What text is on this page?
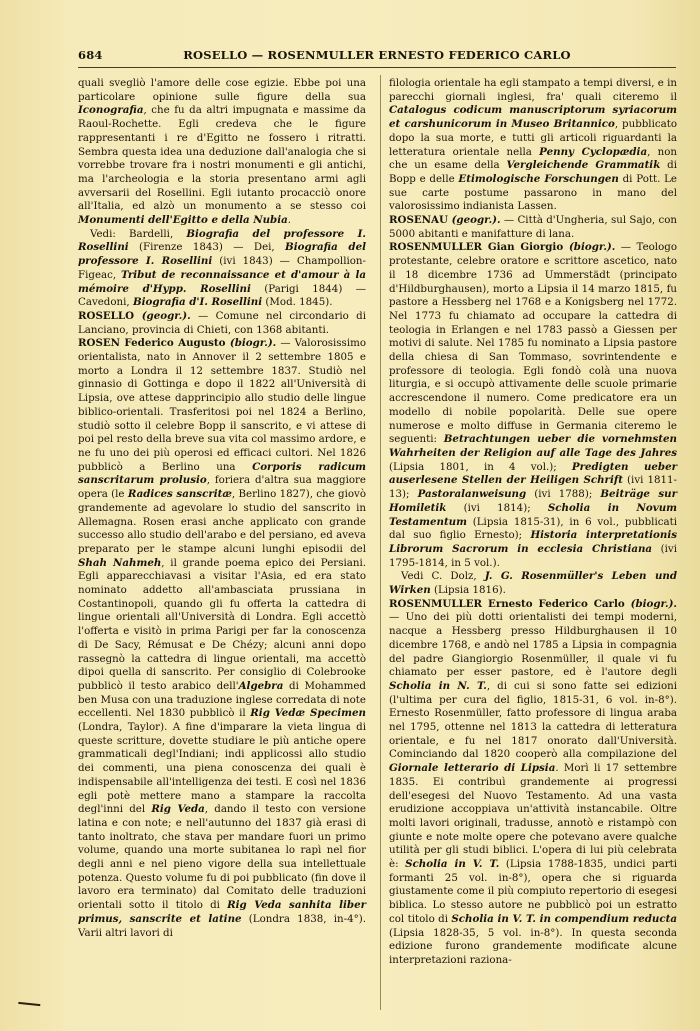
684	ROSELLO — ROSENMULLER ERNESTO FEDERICO CARLO

quali svegliò l'amore delle cose egizie. Ebbe poi una particolare opinione sulle figure della sua Iconografia, che fu da altri impugnata e massime da Raoul-Rochette. Egli credeva che le figure rappresentanti i re d'Egitto ne fossero i ritratti. Sembra questa idea una deduzione dall'analogia che si vorrebbe trovare fra i nostri monumenti e gli antichi, ma l'archeologia e la storia presentano armi agli avversarii del Rosellini. Egli iutanto procacciò onore all'Italia, ed alzò un monumento a se stesso coi Monumenti dell'Egitto e della Nubia.

Vedi: Bardelli, Biografia del professore I. Rosellini (Firenze 1843) — Dei, Biografia del professore I. Rosellini (ivi 1843) — Champollion-Figeac, Tribut de reconnaissance et d'amour à la mémoire d'Hypp. Rosellini (Parigi 1844) — Cavedoni, Biografia d'I. Rosellini (Mod. 1845).

ROSELLO (geogr.). — Comune nel circondario di Lanciano, provincia di Chieti, con 1368 abitanti.

ROSEN Federico Augusto (biogr.). — Valorosissimo orientalista, nato in Annover il 2 settembre 1805 e morto a Londra il 12 settembre 1837. Studiò nel ginnasio di Gottinga e dopo il 1822 all'Università di Lipsia, ove attese dapprincipio allo studio delle lingue biblico-orientali. Trasferitosi poi nel 1824 a Berlino, studiò sotto il celebre Bopp il sanscrito, e vi attese di poi pel resto della breve sua vita col massimo ardore, e ne fu uno dei più operosi ed efficaci cultori. Nel 1826 pubblicò a Berlino una Corporis radicum sanscritarum prolusio, foriera d'altra sua maggiore opera (le Radices sanscritæ, Berlino 1827), che giovò grandemente ad agevolare lo studio del sanscrito in Allemagna. Rosen erasi anche applicato con grande successo allo studio dell'arabo e del persiano, ed aveva preparato per le stampe alcuni lunghi episodii del Shah Nahmeh, il grande poema epico dei Persiani. Egli apparecchiavasi a visitar l'Asia, ed era stato nominato addetto all'ambasciata prussiana in Costantinopoli, quando gli fu offerta la cattedra di lingue orientali all'Università di Londra. Egli accettò l'offerta e visitò in prima Parigi per far la conoscenza di De Sacy, Rémusat e De Chézy; alcuni anni dopo rassegnò la cattedra di lingue orientali, ma accettò dipoi quella di sanscrito. Per consiglio di Colebrooke pubblicò il testo arabico dell'Algebra di Mohammed ben Musa con una traduzione inglese corredata di note eccellenti. Nel 1830 pubblicò il Rig Vedæ Specimen (Londra, Taylor). A fine d'imparare la vieta lingua di queste scritture, dovette studiare le più antiche opere grammaticali degl'Indiani; indi applicossi allo studio dei commenti, una piena conoscenza dei quali è indispensabile all'intelligenza dei testi. E così nel 1836 egli potè mettere mano a stampare la raccolta degl'inni del Rig Veda, dando il testo con versione latina e con note; e nell'autunno del 1837 già erasi di tanto inoltrato, che stava per mandare fuori un primo volume, quando una morte subitanea lo rapì nel fior degli anni e nel pieno vigore della sua intellettuale potenza. Questo volume fu di poi pubblicato (fin dove il lavoro era terminato) dal Comitato delle traduzioni orientali sotto il titolo di Rig Veda sanhita liber primus, sanscrite et latine (Londra 1838, in-4°). Varii altri lavori di

filologia orientale ha egli stampato a tempi diversi, e in parecchi giornali inglesi, fra' quali citeremo il Catalogus codicum manuscriptorum syriacorum et carshunicorum in Museo Britannico, pubblicato dopo la sua morte, e tutti gli articoli riguardanti la letteratura orientale nella Penny Cyclopædia, non che un esame della Vergleichende Grammatik di Bopp e delle Etimologische Forschungen di Pott. Le sue carte postume passarono in mano del valorosissimo indianista Lassen.

ROSENAU (geogr.). — Città d'Ungheria, sul Sajo, con 5000 abitanti e manifatture di lana.

ROSENMULLER Gian Giorgio (biogr.). — Teologo protestante, celebre oratore e scrittore ascetico, nato il 18 dicembre 1736 ad Ummerstädt (principato d'Hildburghausen), morto a Lipsia il 14 marzo 1815, fu pastore a Hessberg nel 1768 e a Konigsberg nel 1772. Nel 1773 fu chiamato ad occupare la cattedra di teologia in Erlangen e nel 1783 passò a Giessen per motivi di salute. Nel 1785 fu nominato a Lipsia pastore della chiesa di San Tommaso, sovrintendente e professore di teologia. Egli fondò colà una nuova liturgia, e si occupò attivamente delle scuole primarie accrescendone il numero. Come predicatore era un modello di nobile popolarità. Delle sue opere numerose e molto diffuse in Germania citeremo le seguenti: Betrachtungen ueber die vornehmsten Wahrheiten der Religion auf alle Tage des Jahres (Lipsia 1801, in 4 vol.); Predigten ueber auserlesene Stellen der Heiligen Schrift (ivi 1811-13); Pastoralanweisung (ivi 1788); Beiträge sur Homiletik (ivi 1814); Scholia in Novum Testamentum (Lipsia 1815-31), in 6 vol., pubblicati dal suo figlio Ernesto); Historia interpretationis Librorum Sacrorum in ecclesia Christiana (ivi 1795-1814, in 5 vol.).

Vedi C. Dolz, J. G. Rosenmüller's Leben und Wirken (Lipsia 1816).

ROSENMULLER Ernesto Federico Carlo (biogr.). — Uno dei più dotti orientalisti dei tempi moderni, nacque a Hessberg presso Hildburghausen il 10 dicembre 1768, e andò nel 1785 a Lipsia in compagnia del padre Giangiorgio Rosenmüller, il quale vi fu chiamato per esser pastore, ed è l'autore degli Scholia in N. T., di cui si sono fatte sei edizioni (l'ultima per cura del figlio, 1815-31, 6 vol. in-8°). Ernesto Rosenmüller, fatto professore di lingua araba nel 1795, ottenne nel 1813 la cattedra di letteratura orientale, e fu nel 1817 onorato dall'Università. Cominciando dal 1820 cooperò alla compilazione del Giornale letterario di Lipsia. Morì li 17 settembre 1835. Ei contribuì grandemente ai progressi dell'esegesi del Nuovo Testamento. Ad una vasta erudizione accoppiava un'attività instancabile. Oltre molti lavori originali, tradusse, annotò e ristampò con giunte e note molte opere che potevano avere qualche utilità per gli studi biblici. L'opera di lui più celebrata è: Scholia in V. T. (Lipsia 1788-1835, undici parti formanti 25 vol. in-8°), opera che si riguarda giustamente come il più compiuto repertorio di esegesi biblica. Lo stesso autore ne pubblicò poi un estratto col titolo di Scholia in V. T. in compendium reducta (Lipsia 1828-35, 5 vol. in-8°). In questa seconda edizione furono grandemente modificate alcune interpretazioni raziona-
